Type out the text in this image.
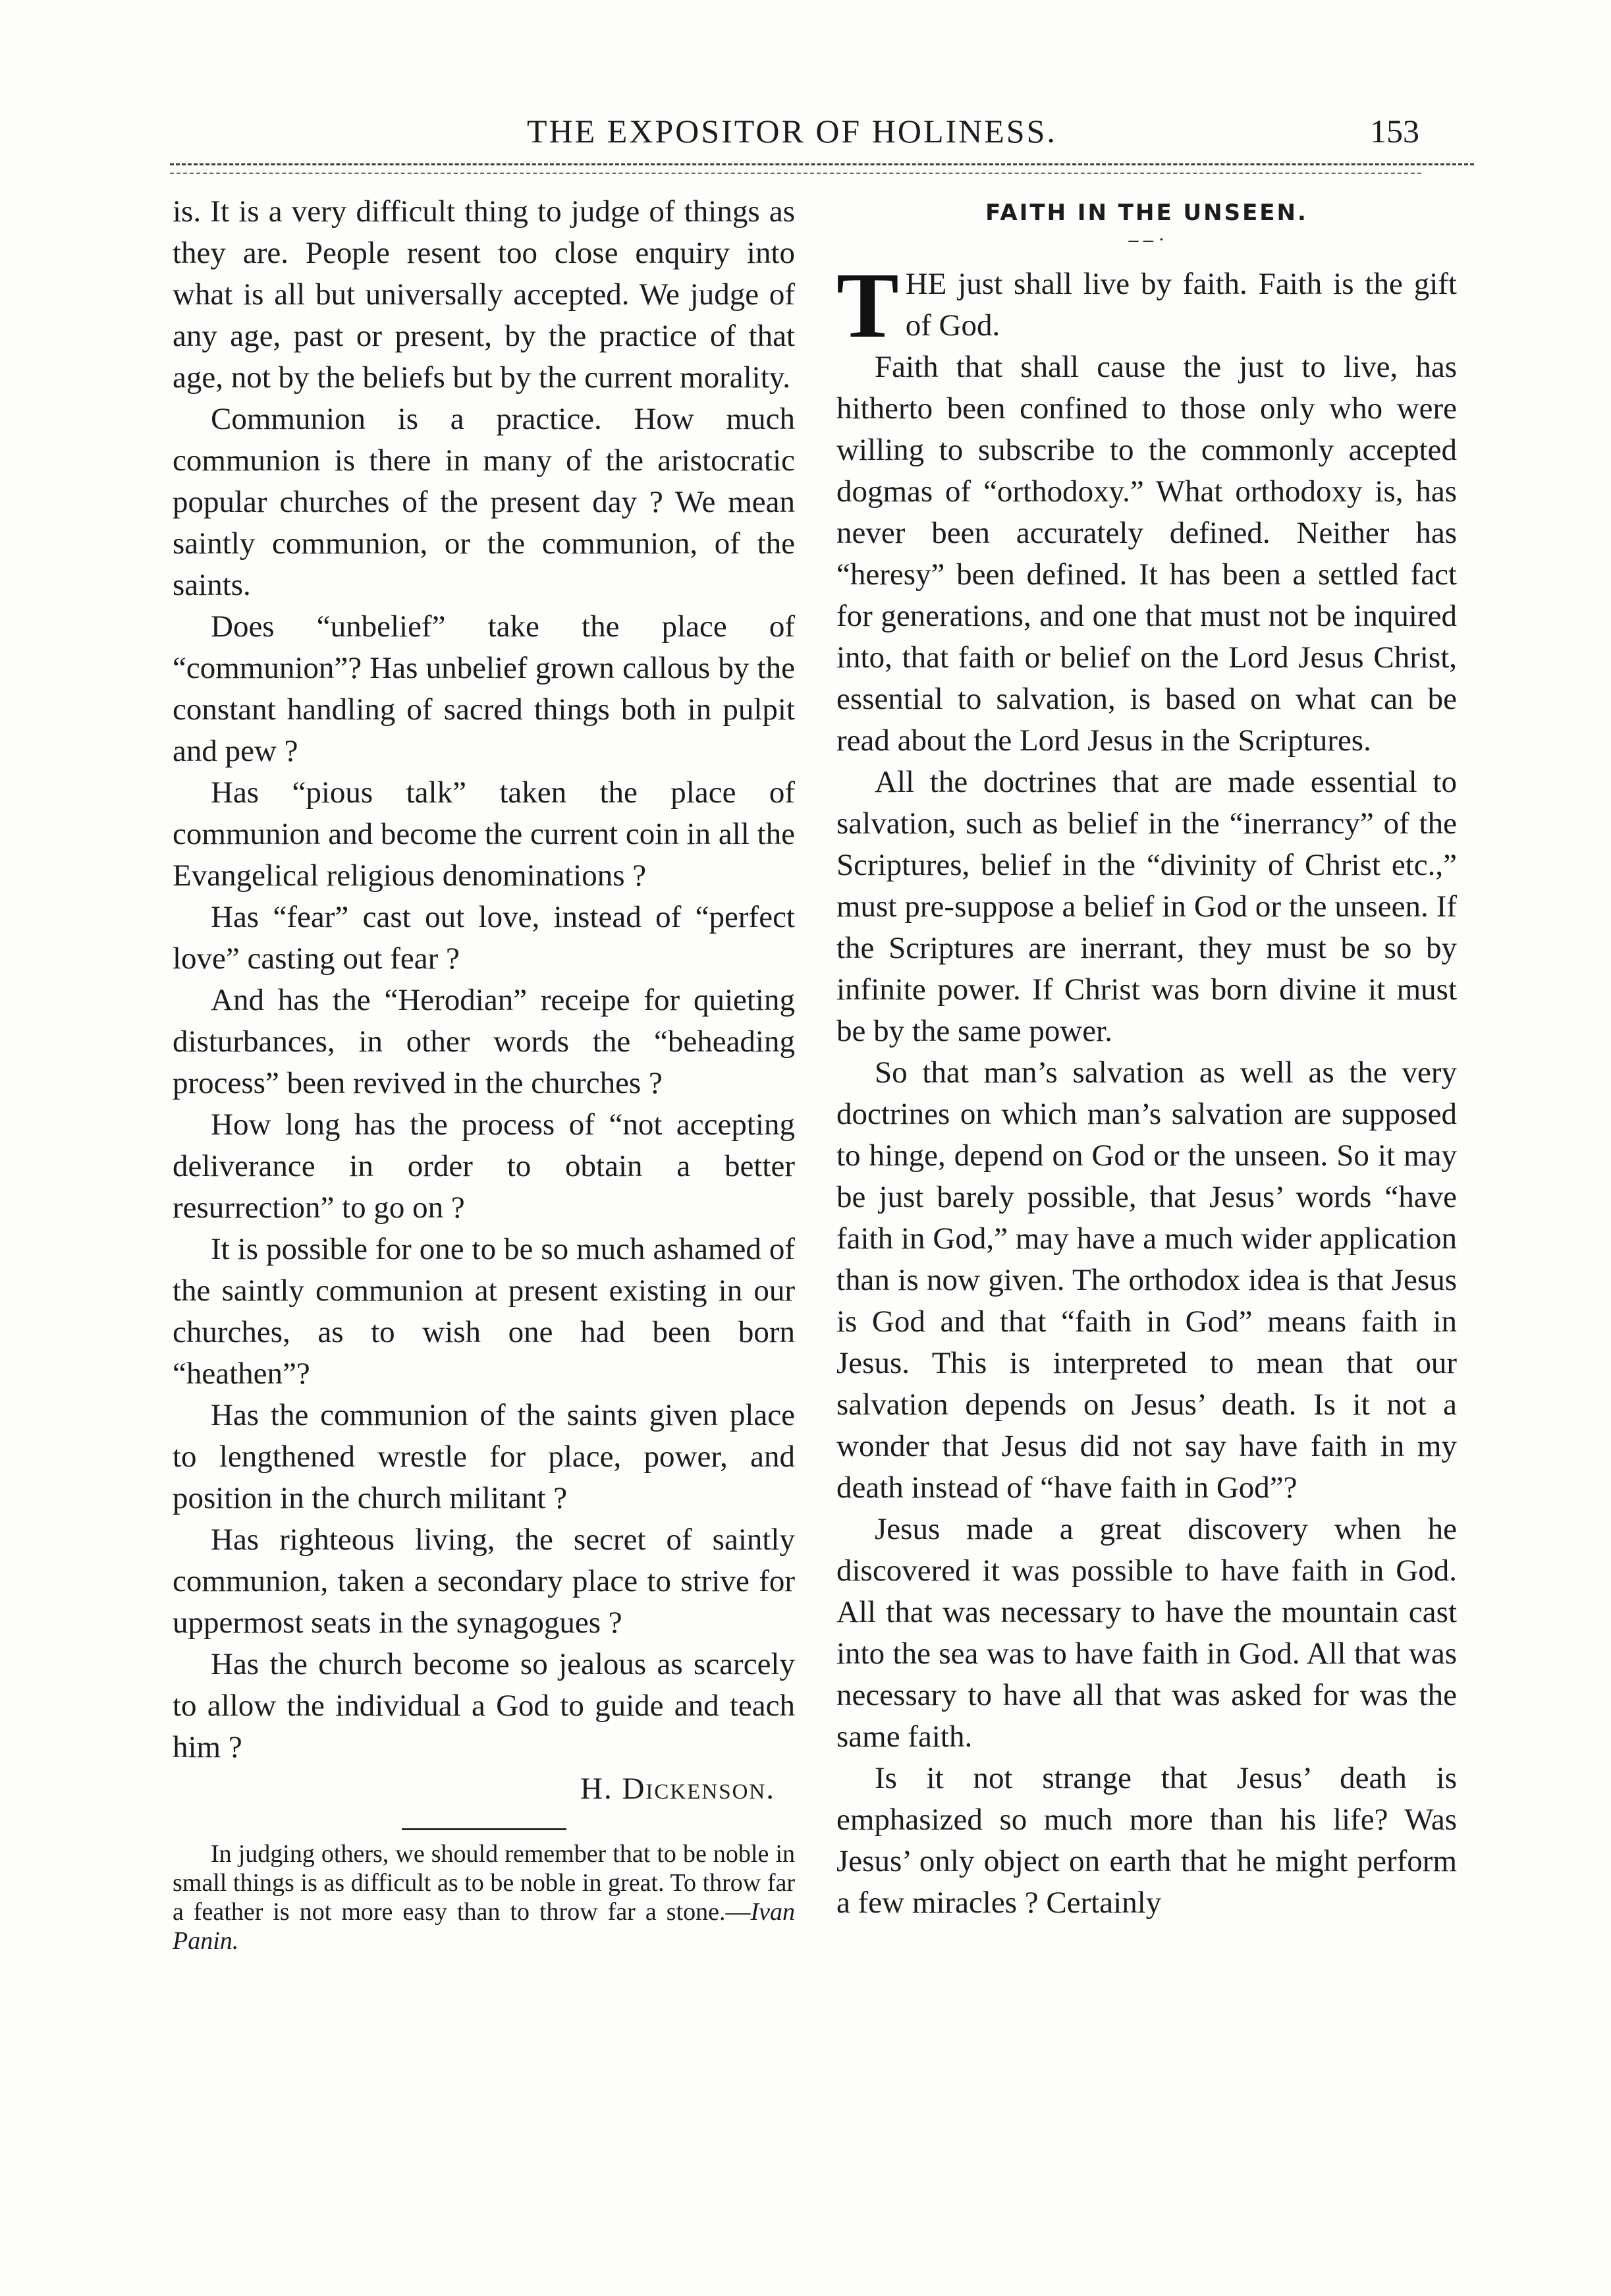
THE EXPOSITOR OF HOLINESS.	153

is. It is a very difficult thing to judge of things as they are. People resent too close enquiry into what is all but universally accepted. We judge of any age, past or present, by the practice of that age, not by the beliefs but by the current morality.

Communion is a practice. How much communion is there in many of the aristocratic popular churches of the present day ? We mean saintly communion, or the communion, of the saints.

Does “unbelief” take the place of “communion”? Has unbelief grown callous by the constant handling of sacred things both in pulpit and pew ?

Has “pious talk” taken the place of communion and become the current coin in all the Evangelical religious denominations ?

Has “fear” cast out love, instead of “perfect love” casting out fear ?

And has the “Herodian” receipe for quieting disturbances, in other words the “beheading process” been revived in the churches ?

How long has the process of “not accepting deliverance in order to obtain a better resurrection” to go on ?

It is possible for one to be so much ashamed of the saintly communion at present existing in our churches, as to wish one had been born “heathen”?

Has the communion of the saints given place to lengthened wrestle for place, power, and position in the church militant ?

Has righteous living, the secret of saintly communion, taken a secondary place to strive for uppermost seats in the synagogues ?

Has the church become so jealous as scarcely to allow the individual a God to guide and teach him ?

H. Dickenson.

In judging others, we should remember that to be noble in small things is as difficult as to be noble in great. To throw far a feather is not more easy than to throw far a stone.—Ivan Panin.

FAITH IN THE UNSEEN.
– – ·

THE just shall live by faith. Faith is the gift of God.

Faith that shall cause the just to live, has hitherto been confined to those only who were willing to subscribe to the commonly accepted dogmas of “orthodoxy.” What orthodoxy is, has never been accurately defined. Neither has “heresy” been defined. It has been a settled fact for generations, and one that must not be inquired into, that faith or belief on the Lord Jesus Christ, essential to salvation, is based on what can be read about the Lord Jesus in the Scriptures.

All the doctrines that are made essential to salvation, such as belief in the “inerrancy” of the Scriptures, belief in the “divinity of Christ etc.,” must pre-suppose a belief in God or the unseen. If the Scriptures are inerrant, they must be so by infinite power. If Christ was born divine it must be by the same power.

So that man’s salvation as well as the very doctrines on which man’s salvation are supposed to hinge, depend on God or the unseen. So it may be just barely possible, that Jesus’ words “have faith in God,” may have a much wider application than is now given. The orthodox idea is that Jesus is God and that “faith in God” means faith in Jesus. This is interpreted to mean that our salvation depends on Jesus’ death. Is it not a wonder that Jesus did not say have faith in my death instead of “have faith in God”?

Jesus made a great discovery when he discovered it was possible to have faith in God. All that was necessary to have the mountain cast into the sea was to have faith in God. All that was necessary to have all that was asked for was the same faith.

Is it not strange that Jesus’ death is emphasized so much more than his life? Was Jesus’ only object on earth that he might perform a few miracles ? Certainly
